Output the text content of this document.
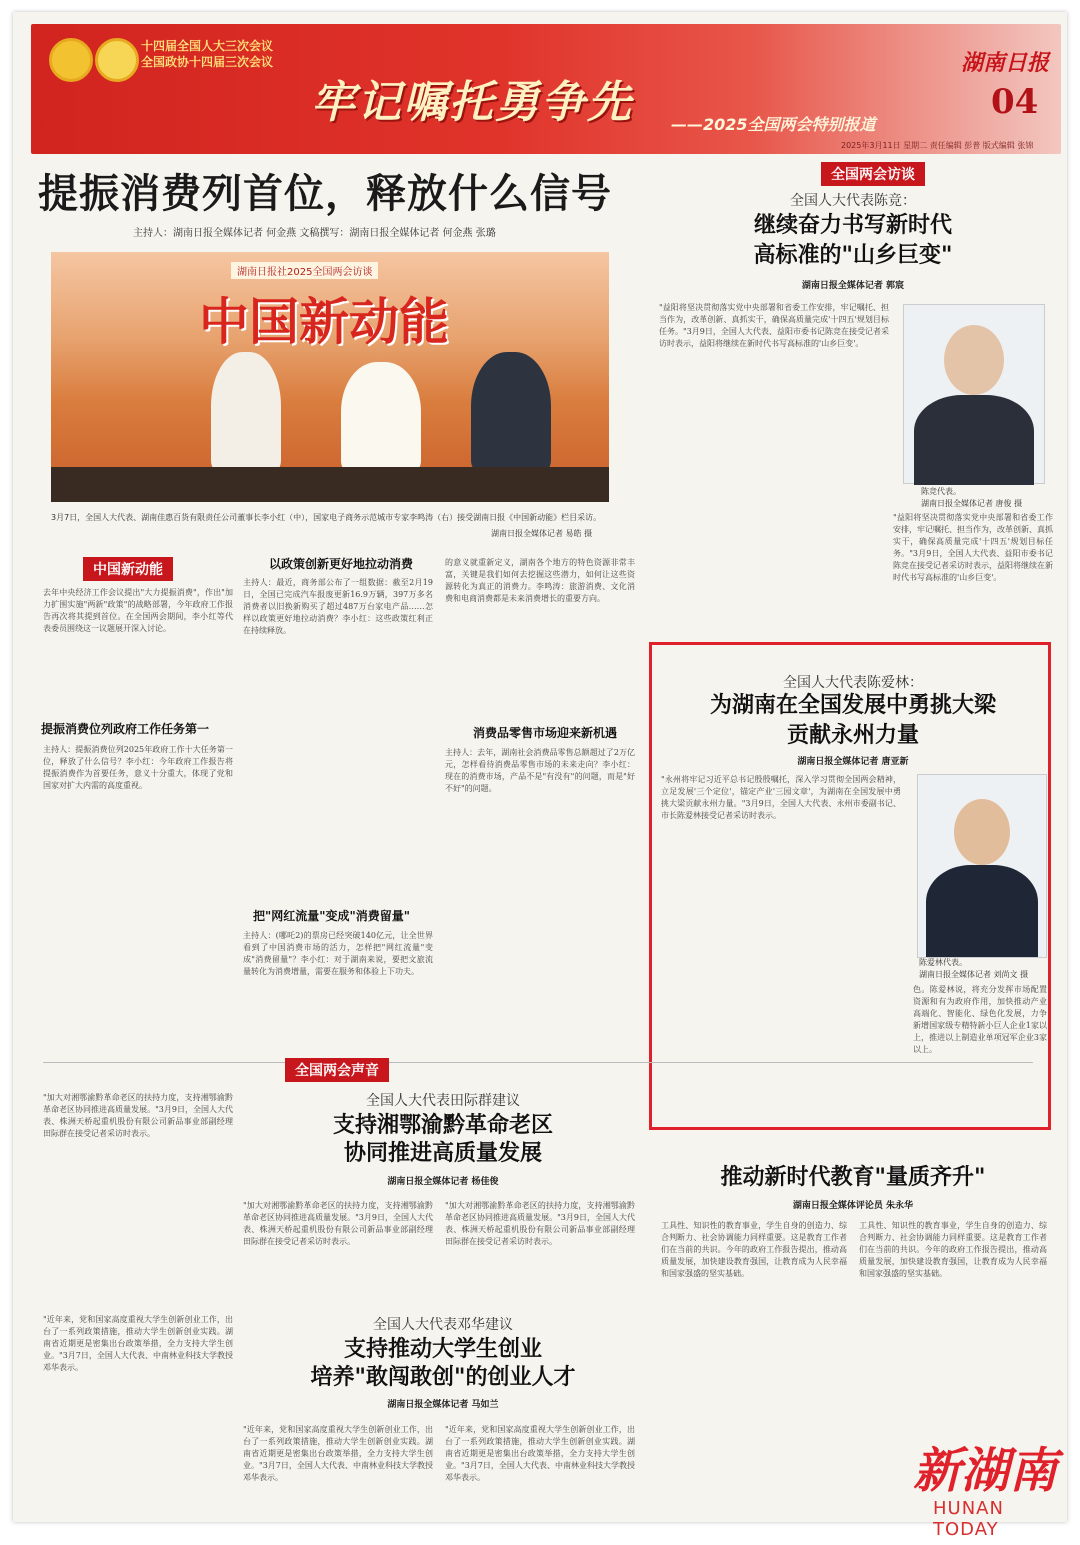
十四届全国人大三次会议
全国政协十四届三次会议
牢记嘱托勇争先 ——2025全国两会特别报道
湖南日报
04
2025年3月11日 星期二 责任编辑 彭普 版式编辑 张锦
提振消费列首位，释放什么信号
主持人：湖南日报全媒体记者 何金燕 文稿撰写：湖南日报全媒体记者 何金燕 张璐
湖南日报社2025全国两会访谈
中国新动能
3月7日，全国人大代表、湖南佳惠百货有限责任公司董事长李小红（中），国家电子商务示范城市专家李鸣涛（右）接受湖南日报《中国新动能》栏目采访。
湖南日报全媒体记者 易皓 摄
中国新动能
去年中央经济工作会议提出"大力提振消费"，作出"加力扩围实施"两新"政策"的战略部署，今年政府工作报告再次将其提到首位。在全国两会期间，李小红等代表委员围绕这一议题展开深入讨论。
提振消费位列政府工作任务第一
主持人：提振消费位列2025年政府工作十大任务第一位，释放了什么信号？李小红：今年政府工作报告将提振消费作为首要任务，意义十分重大，体现了党和国家对扩大内需的高度重视。
以政策创新更好地拉动消费
主持人：最近，商务部公布了一组数据：截至2月19日，全国已完成汽车报废更新16.9万辆，397万多名消费者以旧换新购买了超过487万台家电产品……怎样以政策更好地拉动消费？李小红：这些政策红利正在持续释放。
把"网红流量"变成"消费留量"
主持人：(哪吒2)的票房已经突破140亿元，让全世界看到了中国消费市场的活力，怎样把"网红流量"变成"消费留量"？李小红：对于湖南来说，要把文旅流量转化为消费增量，需要在服务和体验上下功夫。
的意义就重新定义，湖南各个地方的特色资源非常丰富，关键是我们如何去挖掘这些潜力，如何让这些资源转化为真正的消费力。李鸣涛：旅游消费、文化消费和电商消费都是未来消费增长的重要方向。
消费品零售市场迎来新机遇
主持人：去年，湖南社会消费品零售总额超过了2万亿元，怎样看待消费品零售市场的未来走向？李小红：现在的消费市场，产品不是"有没有"的问题，而是"好不好"的问题。
全国两会访谈
全国人大代表陈竞：
继续奋力书写新时代
高标准的"山乡巨变"
湖南日报全媒体记者 郭宸
"益阳将坚决贯彻落实党中央部署和省委工作安排，牢记嘱托、担当作为，改革创新、真抓实干，确保高质量完成'十四五'规划目标任务。"3月9日，全国人大代表、益阳市委书记陈竞在接受记者采访时表示，益阳将继续在新时代书写高标准的'山乡巨变'。
陈竞代表。
湖南日报全媒体记者 唐俊 摄
"益阳将坚决贯彻落实党中央部署和省委工作安排，牢记嘱托、担当作为，改革创新、真抓实干，确保高质量完成'十四五'规划目标任务。"3月9日，全国人大代表、益阳市委书记陈竞在接受记者采访时表示，益阳将继续在新时代书写高标准的'山乡巨变'。
全国人大代表陈爱林：
为湖南在全国发展中勇挑大梁
贡献永州力量
湖南日报全媒体记者 唐亚新
"永州将牢记习近平总书记殷殷嘱托，深入学习贯彻全国两会精神，立足发展'三个定位'，锚定产业'三园文章'，为湖南在全国发展中勇挑大梁贡献永州力量。"3月9日，全国人大代表、永州市委副书记、市长陈爱林接受记者采访时表示。
陈爱林代表。
湖南日报全媒体记者 刘尚文 摄
色。陈爱林说，将充分发挥市场配置资源和有为政府作用，加快推动产业高端化、智能化、绿色化发展，力争新增国家级专精特新小巨人企业1家以上，推进以上制造业单项冠军企业3家以上。
全国两会声音
全国人大代表田际群建议
支持湘鄂渝黔革命老区
协同推进高质量发展
湖南日报全媒体记者 杨佳俊
"加大对湘鄂渝黔革命老区的扶持力度，支持湘鄂渝黔革命老区协同推进高质量发展。"3月9日，全国人大代表、株洲天桥起重机股份有限公司新品事业部副经理田际群在接受记者采访时表示。
"加大对湘鄂渝黔革命老区的扶持力度，支持湘鄂渝黔革命老区协同推进高质量发展。"3月9日，全国人大代表、株洲天桥起重机股份有限公司新品事业部副经理田际群在接受记者采访时表示。
"加大对湘鄂渝黔革命老区的扶持力度，支持湘鄂渝黔革命老区协同推进高质量发展。"3月9日，全国人大代表、株洲天桥起重机股份有限公司新品事业部副经理田际群在接受记者采访时表示。
全国人大代表邓华建议
支持推动大学生创业
培养"敢闯敢创"的创业人才
湖南日报全媒体记者 马如兰
"近年来，党和国家高度重视大学生创新创业工作，出台了一系列政策措施，推动大学生创新创业实践。湖南省近期更是密集出台政策举措，全力支持大学生创业。"3月7日，全国人大代表、中南林业科技大学教授邓华表示。
"近年来，党和国家高度重视大学生创新创业工作，出台了一系列政策措施，推动大学生创新创业实践。湖南省近期更是密集出台政策举措，全力支持大学生创业。"3月7日，全国人大代表、中南林业科技大学教授邓华表示。
"近年来，党和国家高度重视大学生创新创业工作，出台了一系列政策措施，推动大学生创新创业实践。湖南省近期更是密集出台政策举措，全力支持大学生创业。"3月7日，全国人大代表、中南林业科技大学教授邓华表示。
推动新时代教育"量质齐升"
湖南日报全媒体评论员 朱永华
工具性、知识性的教育事业，学生自身的创造力、综合判断力、社会协调能力同样重要。这是教育工作者们在当前的共识。今年的政府工作报告提出，推动高质量发展，加快建设教育强国，让教育成为人民幸福和国家强盛的坚实基础。
工具性、知识性的教育事业，学生自身的创造力、综合判断力、社会协调能力同样重要。这是教育工作者们在当前的共识。今年的政府工作报告提出，推动高质量发展，加快建设教育强国，让教育成为人民幸福和国家强盛的坚实基础。
新湖南
HUNAN TODAY
